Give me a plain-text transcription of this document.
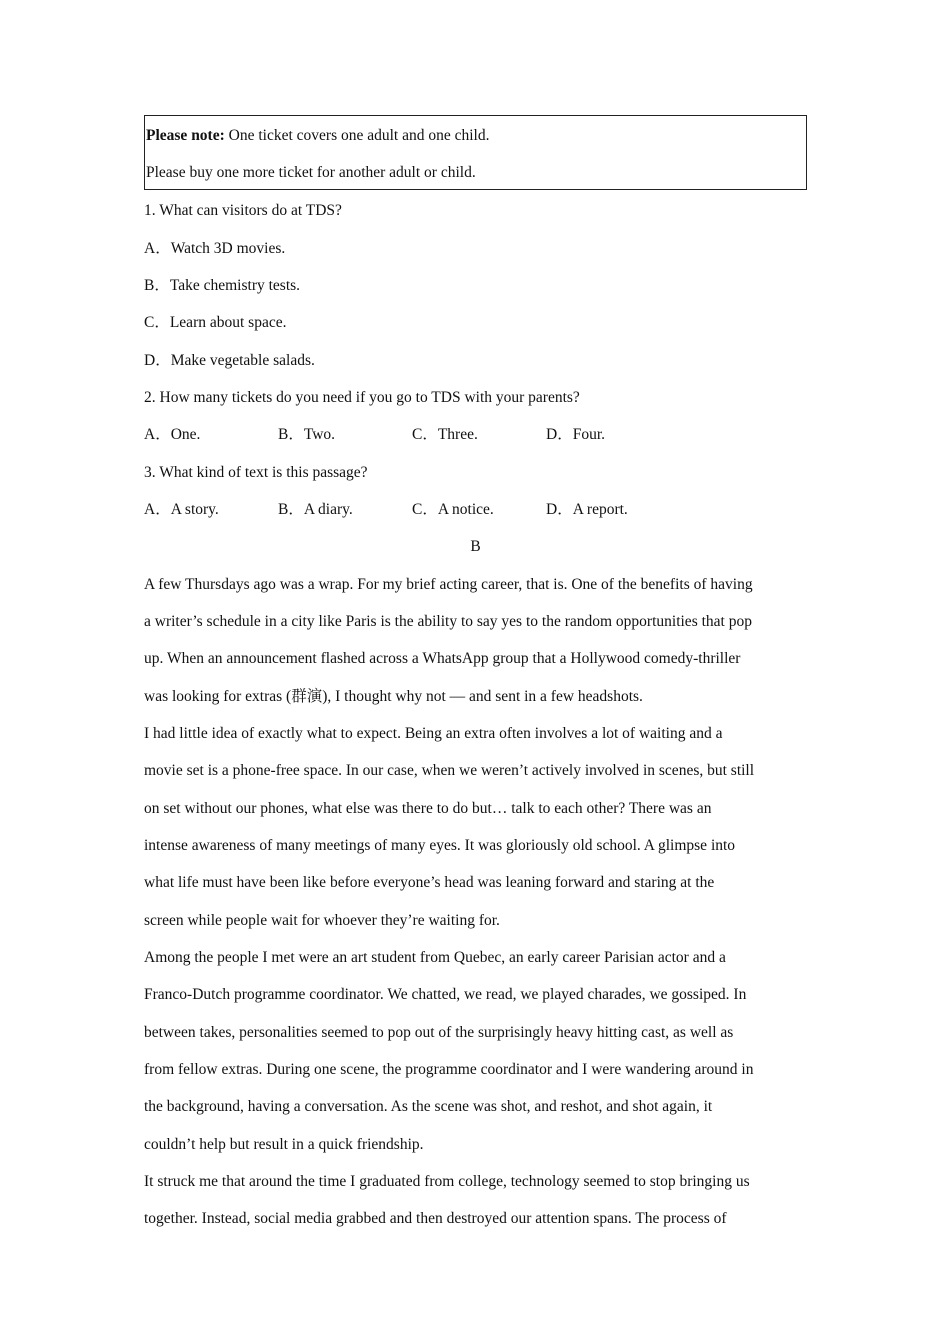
Please note: One ticket covers one adult and one child.
Please buy one more ticket for another adult or child.
1. What can visitors do at TDS?
A．Watch 3D movies.
B．Take chemistry tests.
C．Learn about space.
D．Make vegetable salads.
2. How many tickets do you need if you go to TDS with your parents?
A．One.	B．Two.	C．Three.	D．Four.
3. What kind of text is this passage?
A．A story.	B．A diary.	C．A notice.	D．A report.
B
A few Thursdays ago was a wrap. For my brief acting career, that is. One of the benefits of having
a writer’s schedule in a city like Paris is the ability to say yes to the random opportunities that pop
up. When an announcement flashed across a WhatsApp group that a Hollywood comedy-thriller
was looking for extras (群演), I thought why not — and sent in a few headshots.
I had little idea of exactly what to expect. Being an extra often involves a lot of waiting and a
movie set is a phone-free space. In our case, when we weren’t actively involved in scenes, but still
on set without our phones, what else was there to do but… talk to each other? There was an
intense awareness of many meetings of many eyes. It was gloriously old school. A glimpse into
what life must have been like before everyone’s head was leaning forward and staring at the
screen while people wait for whoever they’re waiting for.
Among the people I met were an art student from Quebec, an early career Parisian actor and a
Franco-Dutch programme coordinator. We chatted, we read, we played charades, we gossiped. In
between takes, personalities seemed to pop out of the surprisingly heavy hitting cast, as well as
from fellow extras. During one scene, the programme coordinator and I were wandering around in
the background, having a conversation. As the scene was shot, and reshot, and shot again, it
couldn’t help but result in a quick friendship.
It struck me that around the time I graduated from college, technology seemed to stop bringing us
together. Instead, social media grabbed and then destroyed our attention spans. The process of
